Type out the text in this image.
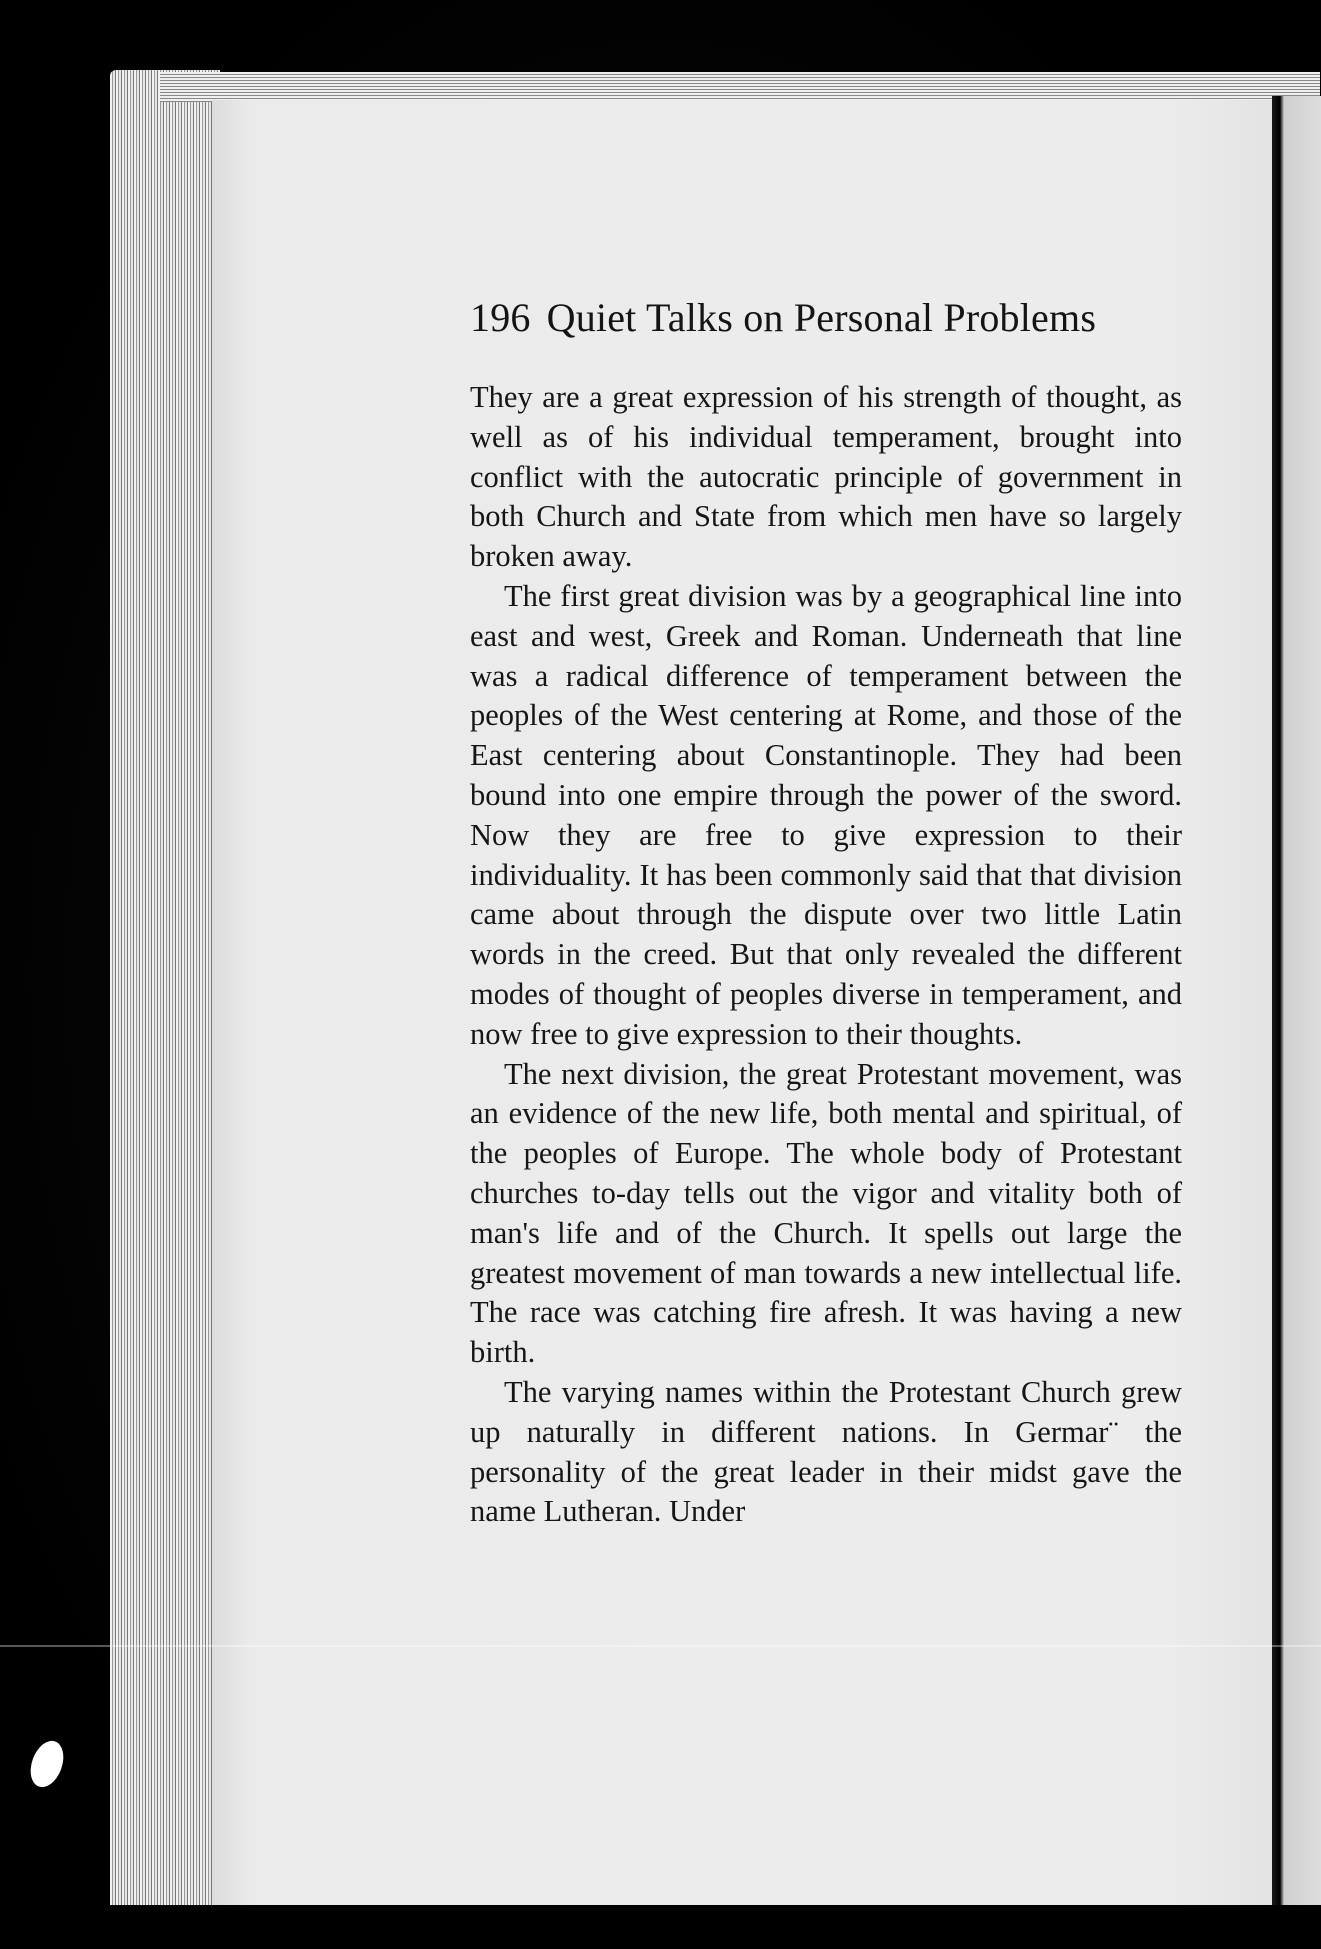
196 Quiet Talks on Personal Problems

They are a great expression of his strength of thought, as well as of his individual temperament, brought into conflict with the autocratic principle of government in both Church and State from which men have so largely broken away.

The first great division was by a geographical line into east and west, Greek and Roman. Underneath that line was a radical difference of temperament between the peoples of the West centering at Rome, and those of the East centering about Constantinople. They had been bound into one empire through the power of the sword. Now they are free to give expression to their individuality. It has been commonly said that that division came about through the dispute over two little Latin words in the creed. But that only revealed the different modes of thought of peoples diverse in temperament, and now free to give expression to their thoughts.

The next division, the great Protestant movement, was an evidence of the new life, both mental and spiritual, of the peoples of Europe. The whole body of Protestant churches to-day tells out the vigor and vitality both of man's life and of the Church. It spells out large the greatest movement of man towards a new intellectual life. The race was catching fire afresh. It was having a new birth.

The varying names within the Protestant Church grew up naturally in different nations. In Germar¨ the personality of the great leader in their midst gave the name Lutheran. Under
